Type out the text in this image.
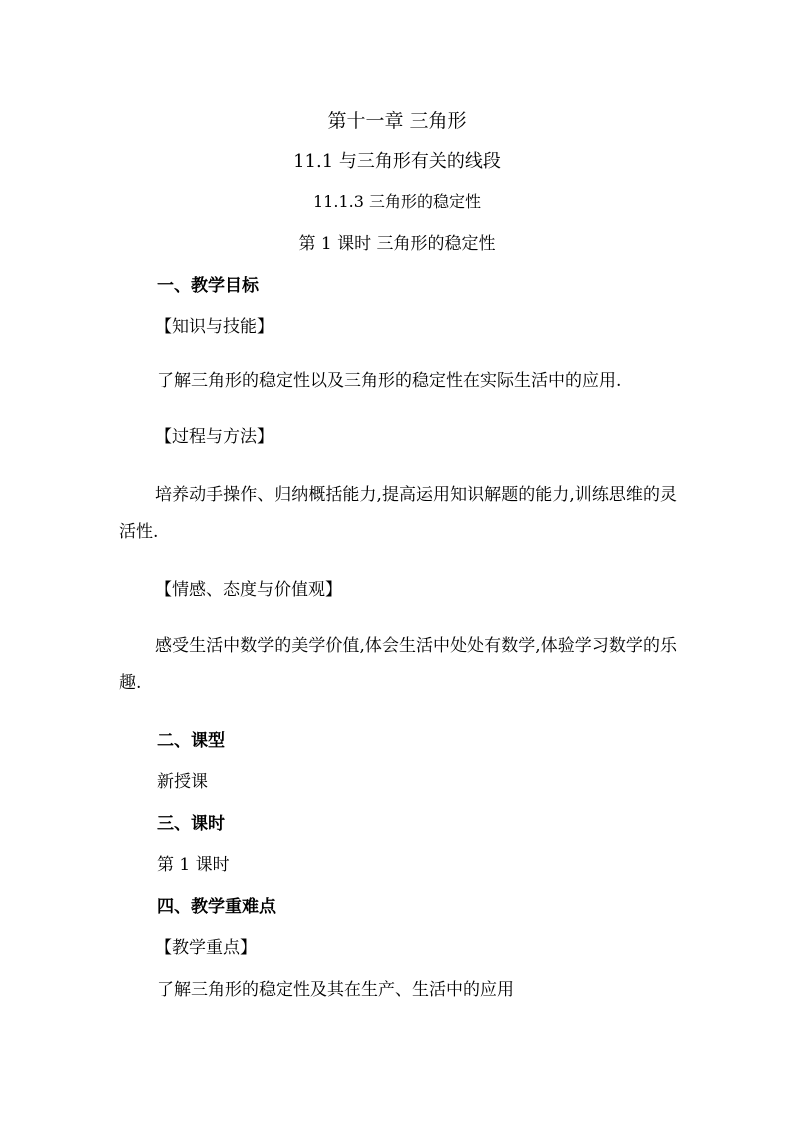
第十一章 三角形
11.1 与三角形有关的线段
11.1.3 三角形的稳定性
第 1 课时 三角形的稳定性
一、教学目标
【知识与技能】
了解三角形的稳定性以及三角形的稳定性在实际生活中的应用.
【过程与方法】
培养动手操作、归纳概括能力,提高运用知识解题的能力,训练思维的灵活性.
【情感、态度与价值观】
感受生活中数学的美学价值,体会生活中处处有数学,体验学习数学的乐趣.
二、课型
新授课
三、课时
第 1 课时
四、教学重难点
【教学重点】
了解三角形的稳定性及其在生产、生活中的应用
